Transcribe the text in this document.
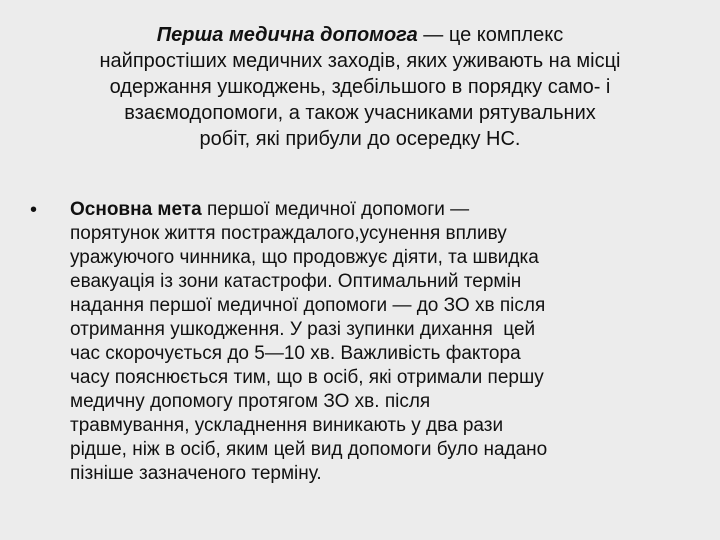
Перша медична допомога — це комплекс
найпростіших медичних заходів, яких уживають на місці
одержання ушкоджень, здебільшого в порядку само- і
взаємодопомоги, а також учасниками рятувальних
робіт, які прибули до осередку НС.
• Основна мета першої медичної допомоги —
порятунок життя постраждалого,усунення впливу
уражуючого чинника, що продовжує діяти, та швидка
евакуація із зони катастрофи. Оптимальний термін
надання першої медичної допомоги — до ЗО хв після
отримання ушкодження. У разі зупинки дихання  цей
час скорочується до 5—10 хв. Важливість фактора
часу пояснюється тим, що в осіб, які отримали першу
медичну допомогу протягом ЗО хв. після
травмування, ускладнення виникають у два рази
рідше, ніж в осіб, яким цей вид допомоги було надано
пізніше зазначеного терміну.
